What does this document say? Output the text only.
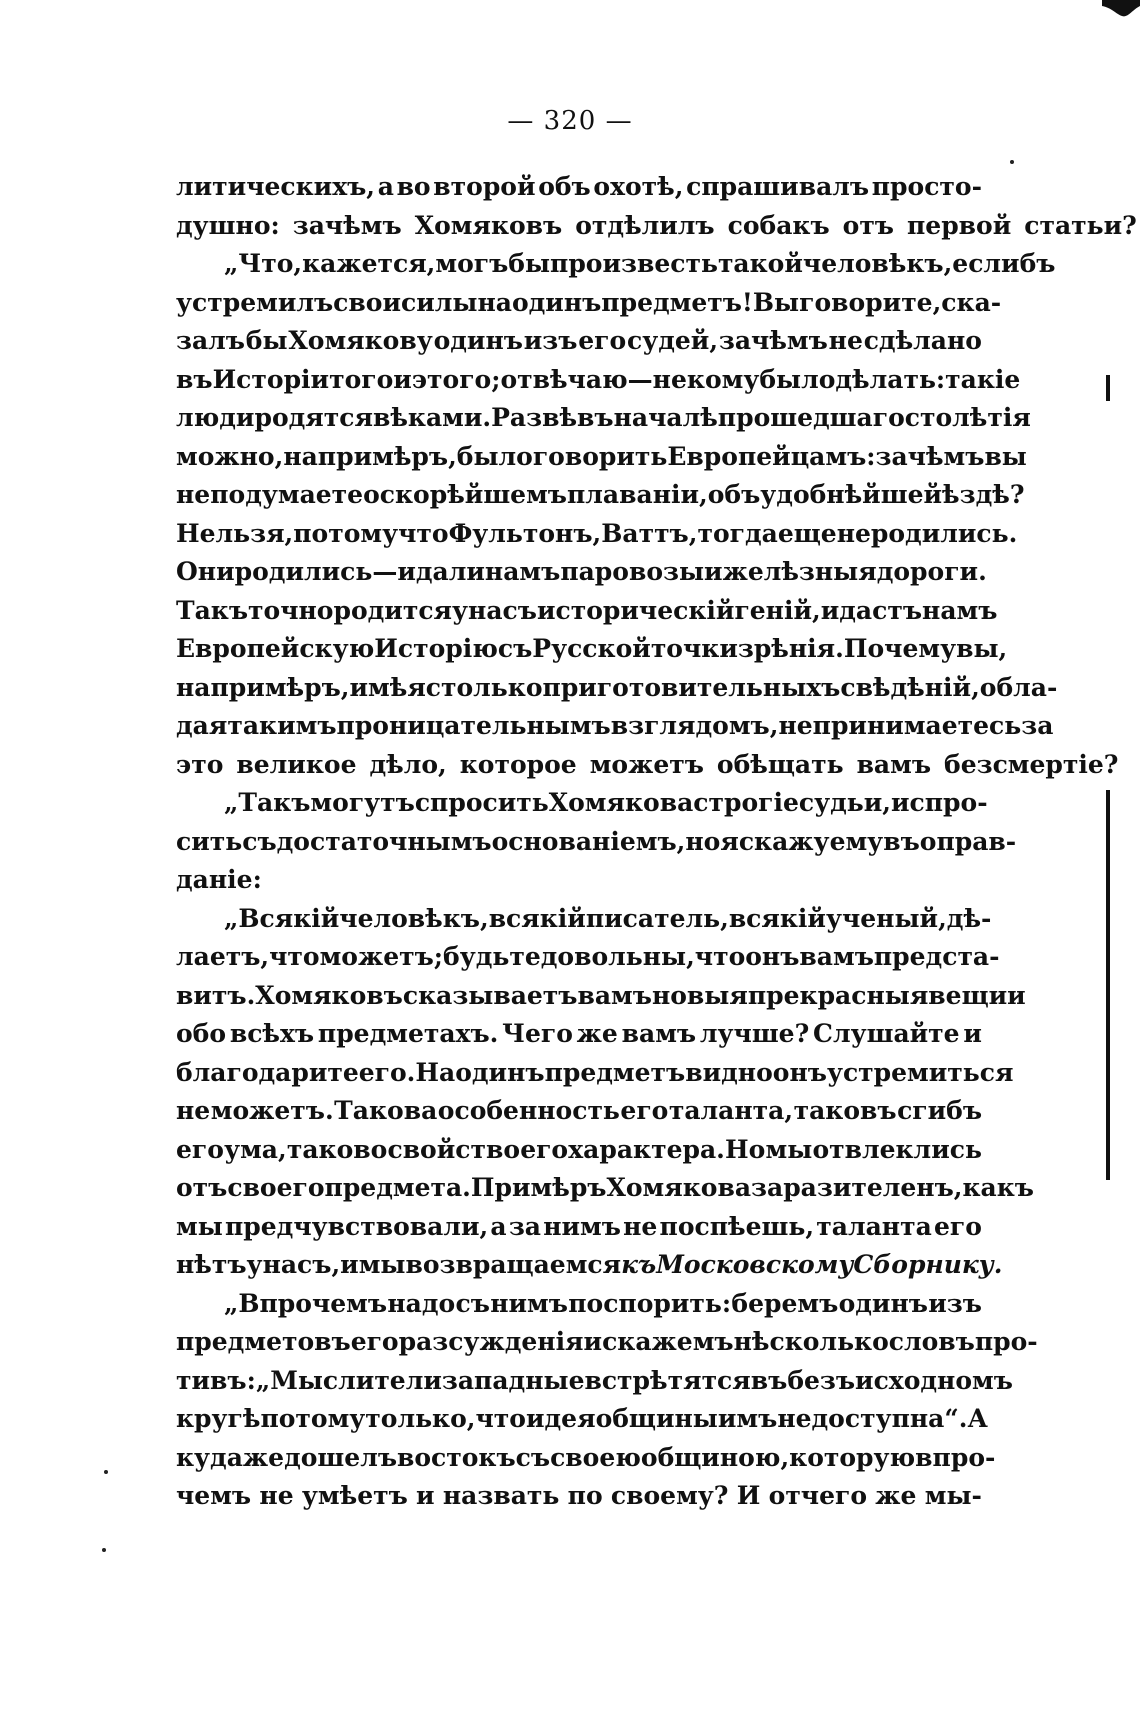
— 320 —
литическихъ, а во второй объ охотѣ, спрашивалъ просто-
душно: зачѣмъ Хомяковъ отдѣлилъ собакъ отъ первой статьи?
„Что, кажется, могъ бы произвесть такой человѣкъ, еслибъ
устремилъ свои силы на одинъ предметъ! Вы говорите, ска-
залъ бы Хомякову одинъ изъ его судей, зачѣмъ не сдѣлано
въ Исторіи того и этого; отвѣчаю—некому было дѣлать: такіе
люди родятся вѣками. Развѣ въ началѣ прошедшаго столѣтія
можно, напримѣръ, было говорить Европейцамъ: зачѣмъ вы
не подумаете о скорѣйшемъ плаваніи, объ удобнѣйшей ѣздѣ?
Нельзя, потому что Фультонъ, Ваттъ, тогда еще не родились.
Они родились—и дали намъ паровозы и желѣзныя дороги.
Такъ точно родится у насъ историческій геній, и дастъ намъ
Европейскую Исторію съ Русской точки зрѣнія. Почему вы,
напримѣръ, имѣя столько приготовительныхъ свѣдѣній, обла-
дая такимъ проницательнымъ взглядомъ, не принимаетесь за
это великое дѣло, которое можетъ обѣщать вамъ безсмертіе?
„Такъ могутъ спросить Хомякова строгіе судьи, и спро-
сить съ достаточнымъ основаніемъ, но я скажу ему въ оправ-
даніе:
„Всякій человѣкъ, всякій писатель, всякій ученый, дѣ-
лаетъ, что можетъ; будьте довольны, что онъ вамъ предста-
витъ. Хомяковъ сказываетъ вамъ новыя прекрасныя вещи и
обо всѣхъ предметахъ. Чего же вамъ лучше? Слушайте и
благодарите его. На одинъ предметъ видно онъ устремиться
не можетъ. Такова особенность его таланта, таковъ сгибъ
его ума, таково свойство его характера. Но мы отвлеклись
отъ своего предмета. Примѣръ Хомякова заразителенъ, какъ
мы предчувствовали, а за нимъ не поспѣешь, таланта его
нѣтъ у насъ, и мы возвращаемся къ Московскому Сборнику.
„Впрочемъ надо съ нимъ поспорить: беремъ одинъ изъ
предметовъ его разсужденія и скажемъ нѣсколько словъ про-
тивъ: „Мыслители западные встрѣтятся въ безъисходномъ
кругѣ потому только, что идея общины имъ недоступна“. А
куда же дошелъ востокъ съ своею общиною, которую впро-
чемъ не умѣетъ и назвать по своему? И отчего же мы-
